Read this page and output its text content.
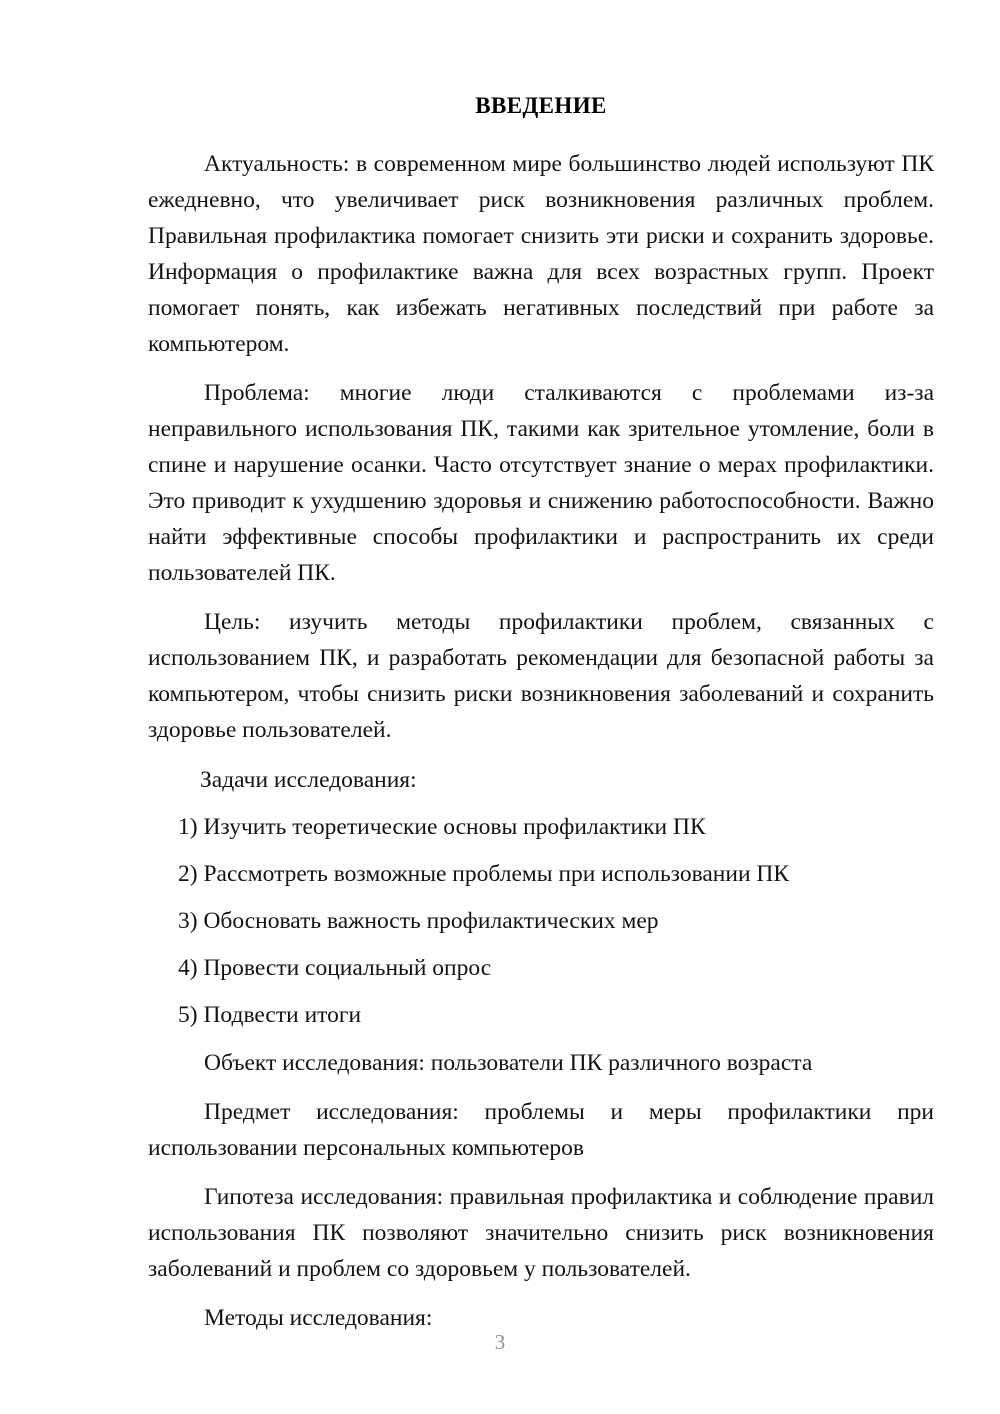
ВВЕДЕНИЕ

Актуальность: в современном мире большинство людей используют ПК ежедневно, что увеличивает риск возникновения различных проблем. Правильная профилактика помогает снизить эти риски и сохранить здоровье. Информация о профилактике важна для всех возрастных групп. Проект помогает понять, как избежать негативных последствий при работе за компьютером.

Проблема: многие люди сталкиваются с проблемами из-за неправильного использования ПК, такими как зрительное утомление, боли в спине и нарушение осанки. Часто отсутствует знание о мерах профилактики. Это приводит к ухудшению здоровья и снижению работоспособности. Важно найти эффективные способы профилактики и распространить их среди пользователей ПК.

Цель: изучить методы профилактики проблем, связанных с использованием ПК, и разработать рекомендации для безопасной работы за компьютером, чтобы снизить риски возникновения заболеваний и сохранить здоровье пользователей.

Задачи исследования:

1) Изучить теоретические основы профилактики ПК
2) Рассмотреть возможные проблемы при использовании ПК
3) Обосновать важность профилактических мер
4) Провести социальный опрос
5) Подвести итоги

Объект исследования: пользователи ПК различного возраста

Предмет исследования: проблемы и меры профилактики при использовании персональных компьютеров

Гипотеза исследования: правильная профилактика и соблюдение правил использования ПК позволяют значительно снизить риск возникновения заболеваний и проблем со здоровьем у пользователей.

Методы исследования:

3
